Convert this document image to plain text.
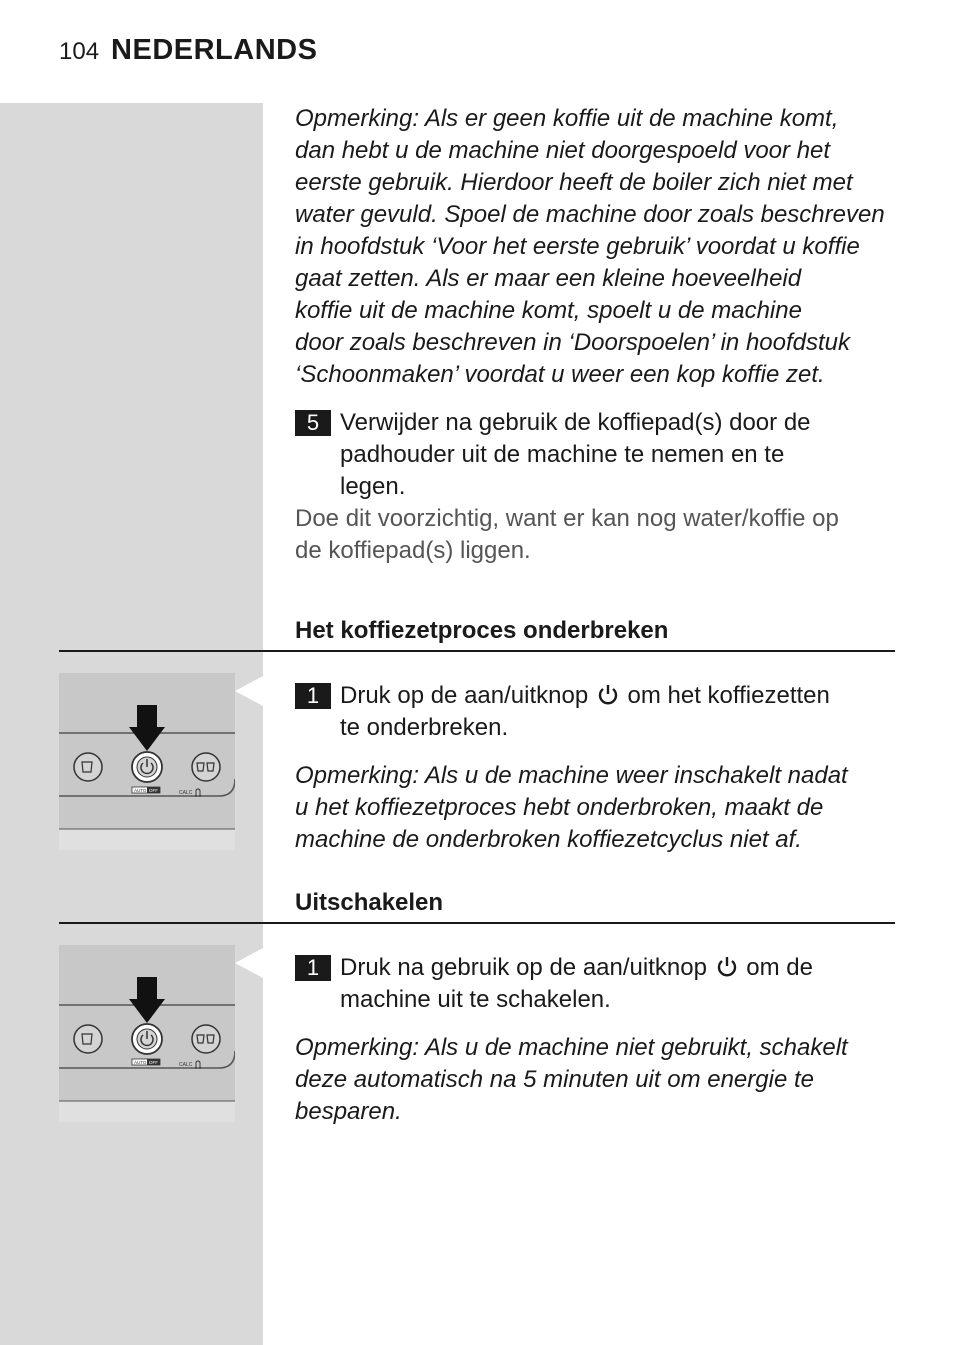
104 NEDERLANDS

Opmerking: Als er geen koffie uit de machine komt,

dan hebt u de machine niet doorgespoeld voor het

eerste gebruik. Hierdoor heeft de boiler zich niet met

water gevuld. Spoel de machine door zoals beschreven

in hoofdstuk ‘Voor het eerste gebruik’ voordat u koffie

gaat zetten. Als er maar een kleine hoeveelheid

koffie uit de machine komt, spoelt u de machine

door zoals beschreven in ‘Doorspoelen’ in hoofdstuk

‘Schoonmaken’ voordat u weer een kop koffie zet.

5 Verwijder na gebruik de koffiepad(s) door de
padhouder uit de machine te nemen en te
legen.

Doe dit voorzichtig, want er kan nog water/koffie op

de koffiepad(s) liggen.

Het koffiezetproces onderbreken
AUTO OFF	CALC
1 Druk op de aan/uitknop om het koffiezetten
te onderbreken.

Opmerking: Als u de machine weer inschakelt nadat

u het koffiezetproces hebt onderbroken, maakt de

machine de onderbroken koffiezetcyclus niet af.

Uitschakelen
AUTO OFF	CALC
1 Druk na gebruik op de aan/uitknop om de
machine uit te schakelen.

Opmerking: Als u de machine niet gebruikt, schakelt

deze automatisch na 5 minuten uit om energie te

besparen.
